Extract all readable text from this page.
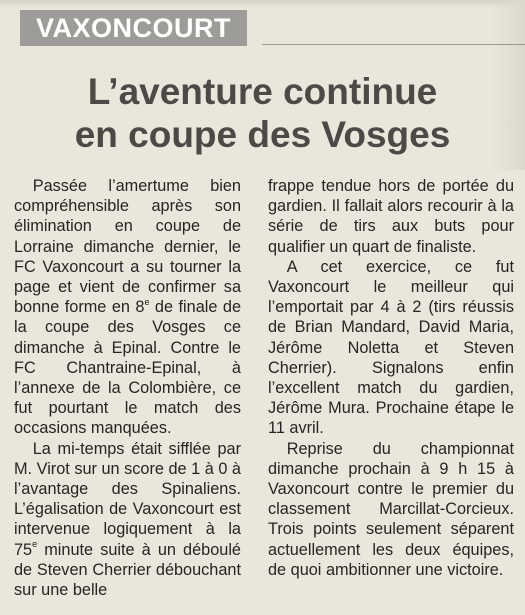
VAXONCOURT
L’aventure continue
en coupe des Vosges

Passée l’amertume bien compréhensible après son élimination en coupe de Lorraine dimanche dernier, le FC Vaxoncourt a su tourner la page et vient de confirmer sa bonne forme en 8e de finale de la coupe des Vosges ce dimanche à Epinal. Contre le FC Chantraine-Epinal, à l’annexe de la Colombière, ce fut pourtant le match des occasions manquées.

La mi-temps était sifflée par M. Virot sur un score de 1 à 0 à l’avantage des Spinaliens. L’égalisation de Vaxoncourt est intervenue logiquement à la 75e minute suite à un déboulé de Steven Cherrier débouchant sur une belle

frappe tendue hors de portée du gardien. Il fallait alors recourir à la série de tirs aux buts pour qualifier un quart de finaliste.

A cet exercice, ce fut Vaxoncourt le meilleur qui l’emportait par 4 à 2 (tirs réussis de Brian Mandard, David Maria, Jérôme Noletta et Steven Cherrier). Signalons enfin l’excellent match du gardien, Jérôme Mura. Prochaine étape le 11 avril.

Reprise du championnat dimanche prochain à 9 h 15 à Vaxoncourt contre le premier du classement Marcillat-Corcieux. Trois points seulement séparent actuellement les deux équipes, de quoi ambitionner une victoire.
